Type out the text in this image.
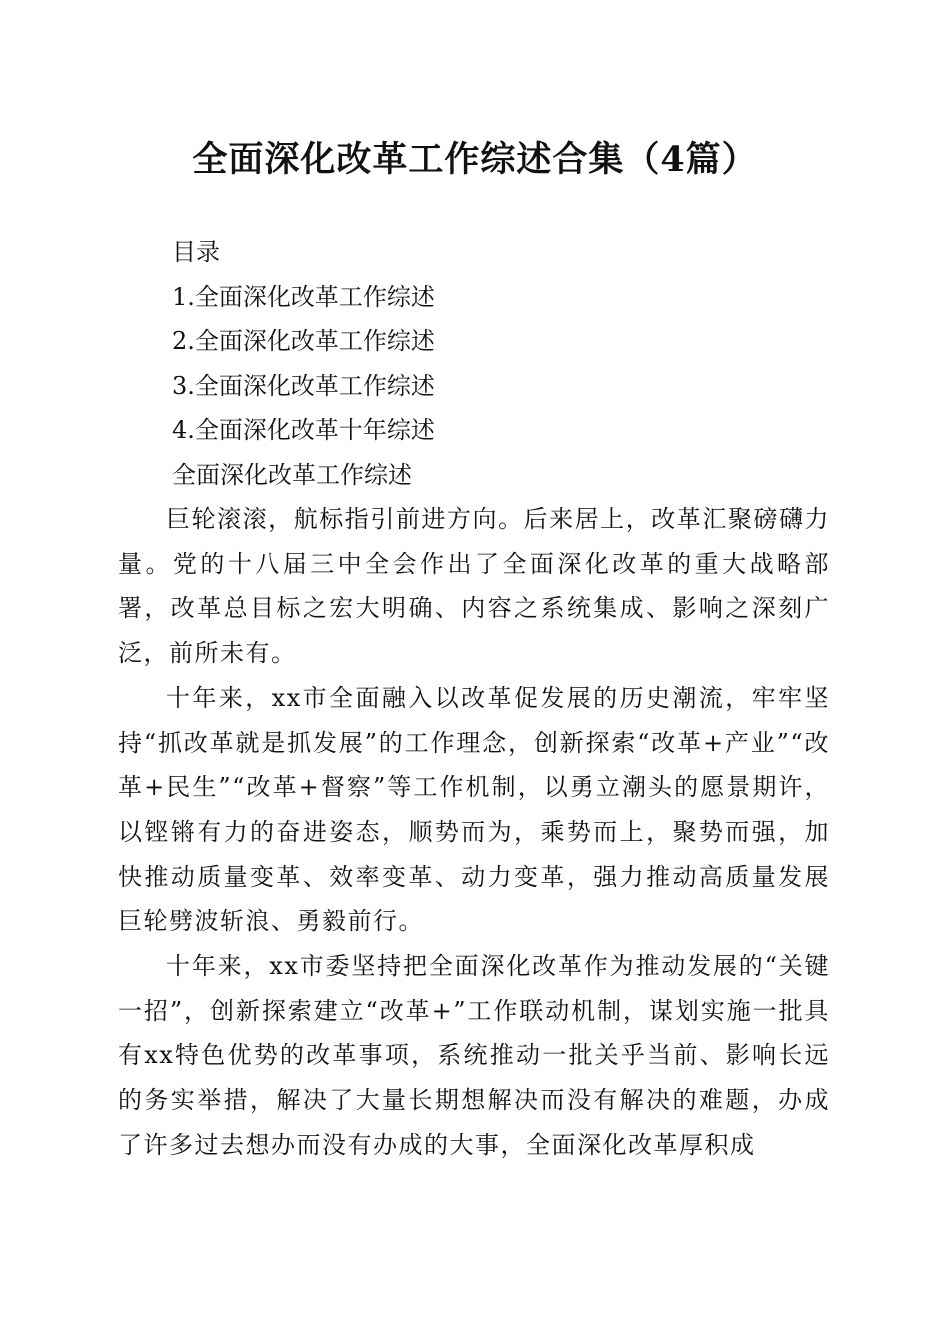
全面深化改革工作综述合集（4篇）
目录
1.全面深化改革工作综述
2.全面深化改革工作综述
3.全面深化改革工作综述
4.全面深化改革十年综述
全面深化改革工作综述

巨轮滚滚，航标指引前进方向。后来居上，改革汇聚磅礴力量。党的十八届三中全会作出了全面深化改革的重大战略部署，改革总目标之宏大明确、内容之系统集成、影响之深刻广泛，前所未有。

十年来，xx市全面融入以改革促发展的历史潮流，牢牢坚持“抓改革就是抓发展”的工作理念，创新探索“改革+产业”“改革+民生”“改革+督察”等工作机制，以勇立潮头的愿景期许，以铿锵有力的奋进姿态，顺势而为，乘势而上，聚势而强，加快推动质量变革、效率变革、动力变革，强力推动高质量发展巨轮劈波斩浪、勇毅前行。

十年来，xx市委坚持把全面深化改革作为推动发展的“关键一招”，创新探索建立“改革+”工作联动机制，谋划实施一批具有xx特色优势的改革事项，系统推动一批关乎当前、影响长远的务实举措，解决了大量长期想解决而没有解决的难题，办成了许多过去想办而没有办成的大事，全面深化改革厚积成
